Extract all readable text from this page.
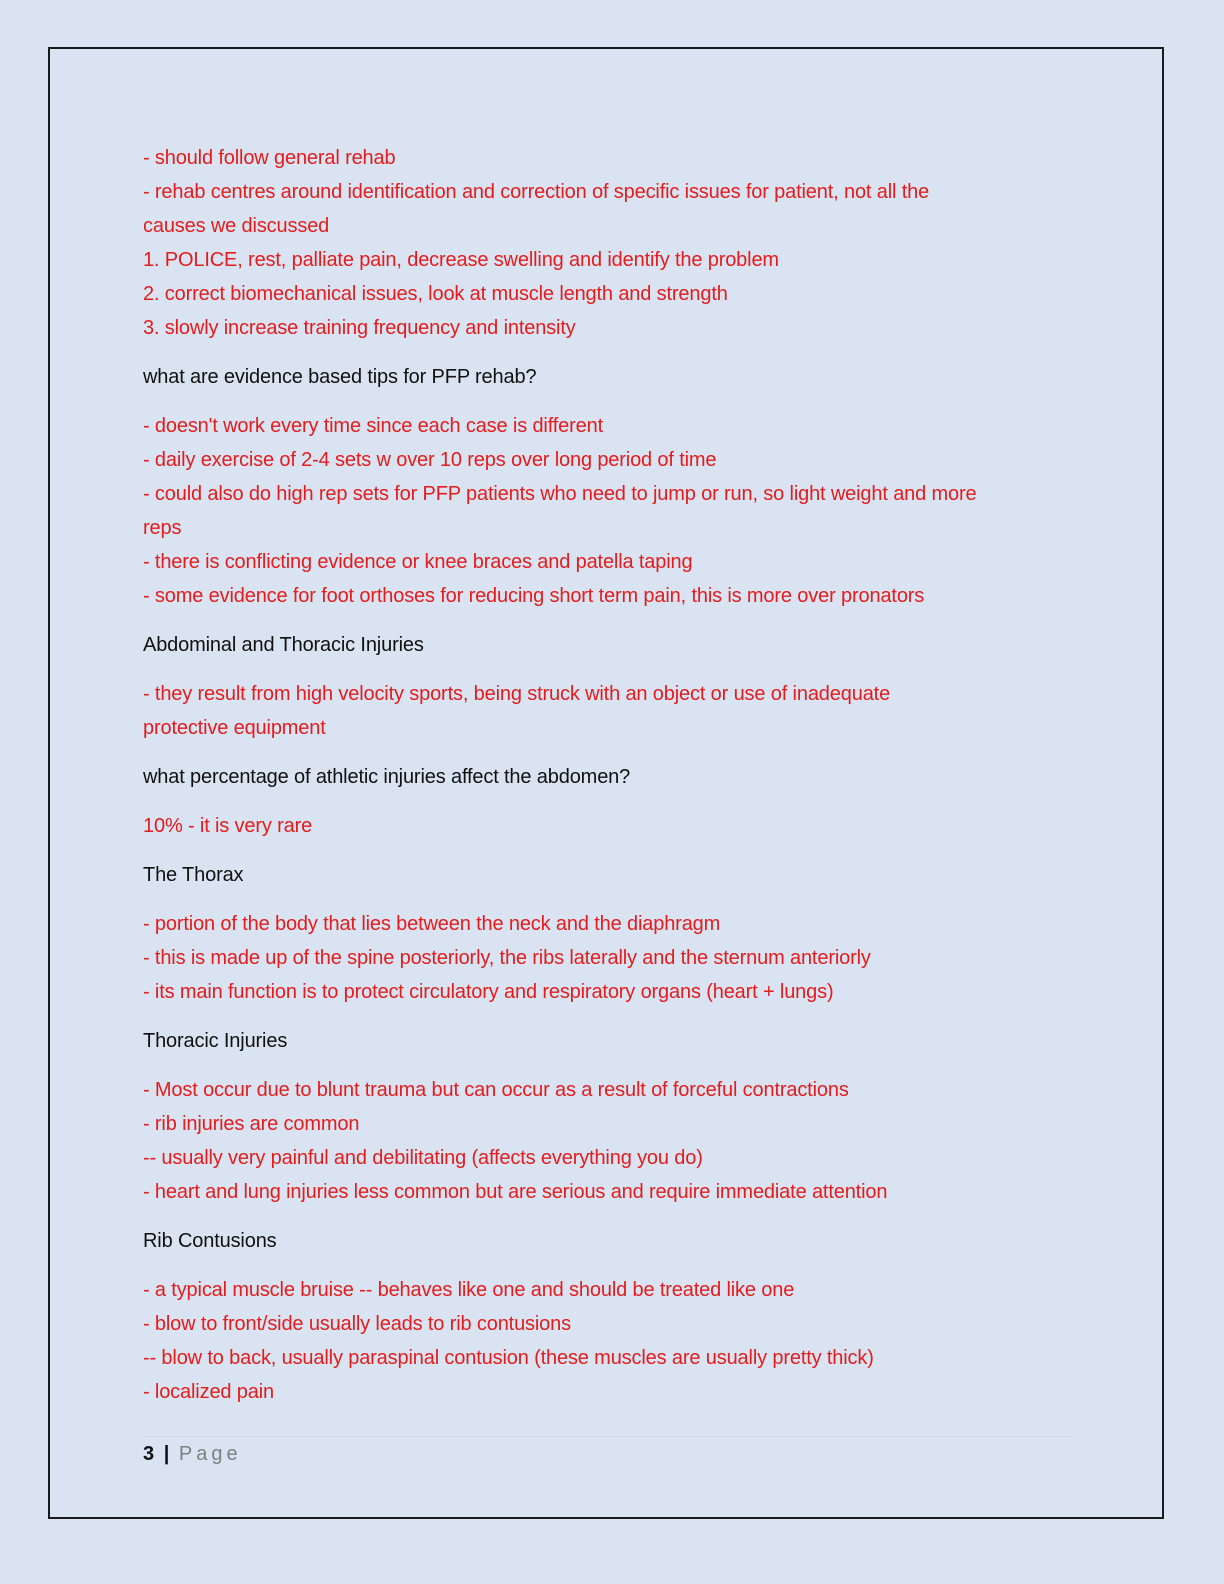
- should follow general rehab
- rehab centres around identification and correction of specific issues for patient, not all the
causes we discussed
1. POLICE, rest, palliate pain, decrease swelling and identify the problem
2. correct biomechanical issues, look at muscle length and strength
3. slowly increase training frequency and intensity
what are evidence based tips for PFP rehab?
- doesn't work every time since each case is different
- daily exercise of 2-4 sets w over 10 reps over long period of time
- could also do high rep sets for PFP patients who need to jump or run, so light weight and more
reps
- there is conflicting evidence or knee braces and patella taping
- some evidence for foot orthoses for reducing short term pain, this is more over pronators
Abdominal and Thoracic Injuries
- they result from high velocity sports, being struck with an object or use of inadequate
protective equipment
what percentage of athletic injuries affect the abdomen?
10% - it is very rare
The Thorax
- portion of the body that lies between the neck and the diaphragm
- this is made up of the spine posteriorly, the ribs laterally and the sternum anteriorly
- its main function is to protect circulatory and respiratory organs (heart + lungs)
Thoracic Injuries
- Most occur due to blunt trauma but can occur as a result of forceful contractions
- rib injuries are common
-- usually very painful and debilitating (affects everything you do)
- heart and lung injuries less common but are serious and require immediate attention
Rib Contusions
- a typical muscle bruise -- behaves like one and should be treated like one
- blow to front/side usually leads to rib contusions
-- blow to back, usually paraspinal contusion (these muscles are usually pretty thick)
- localized pain
3 | Page
